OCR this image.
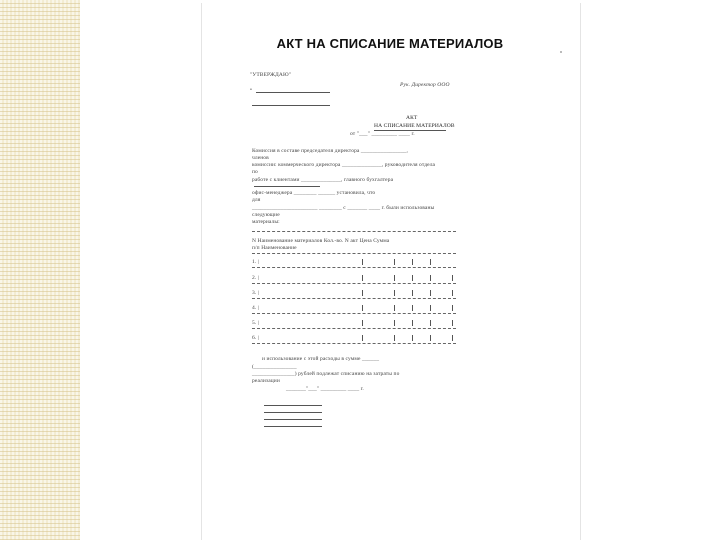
АКТ НА СПИСАНИЕ МАТЕРИАЛОВ
"УТВЕРЖДАЮ"
•
Рук. Директор ООО
АКТ
НА СПИСАНИЕ МАТЕРИАЛОВ
от "___" _________ ____ г.
Комиссия в составе председателя директора ________________,
членов
комиссии: коммерческого директора ______________, руководителя отдела
по
работе с клиентами ______________, главного бухгалтера
офис-менеджера ________ ______ установила, что
для
_______________________ ________ с _______ ____ г. были использованы
следующие
материалы:
N Наименование материалов Кол.-во. N акт Цена Сумма
п/п Наименование
1. |
2. |
3. |
4. |
5. |
6. |
и использование с этой расходы в сумме ______
(_______________
_______________) рублей подлежат списанию на затраты по
реализации
_______"___" _________ ____ г.
